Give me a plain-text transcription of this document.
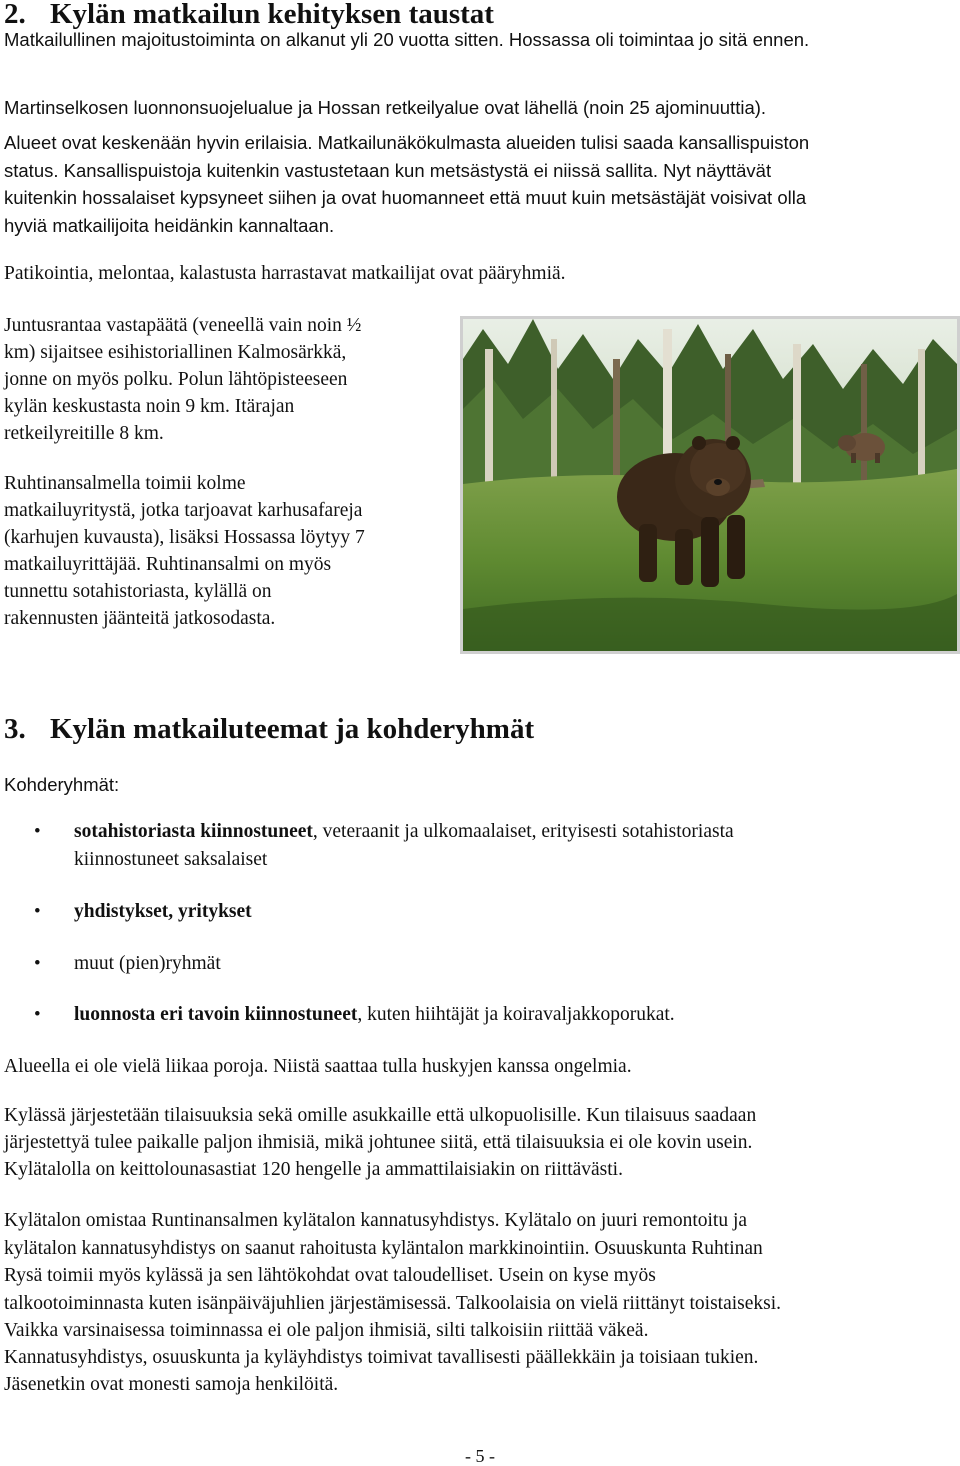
2. Kylän matkailun kehityksen taustat

Matkailullinen majoitustoiminta on alkanut yli 20 vuotta sitten. Hossassa oli toimintaa jo sitä ennen.

Martinselkosen luonnonsuojelualue ja Hossan retkeilyalue ovat lähellä (noin 25 ajominuuttia).

Alueet ovat keskenään hyvin erilaisia. Matkailunäkökulmasta alueiden tulisi saada kansallispuiston

status. Kansallispuistoja kuitenkin vastustetaan kun metsästystä ei niissä sallita. Nyt näyttävät

kuitenkin hossalaiset kypsyneet siihen ja ovat huomanneet että muut kuin metsästäjät voisivat olla

hyviä matkailijoita heidänkin kannaltaan.

Patikointia, melontaa, kalastusta harrastavat matkailijat ovat pääryhmiä.

Juntusrantaa vastapäätä (veneellä vain noin ½

km) sijaitsee esihistoriallinen Kalmosärkkä,

jonne on myös polku. Polun lähtöpisteeseen

kylän keskustasta noin 9 km. Itärajan

retkeilyreitille 8 km.

Ruhtinansalmella toimii kolme

matkailuyritystä, jotka tarjoavat karhusafareja

(karhujen kuvausta), lisäksi Hossassa löytyy 7

matkailuyrittäjää. Ruhtinansalmi on myös

tunnettu sotahistoriasta, kylällä on

rakennusten jäänteitä jatkosodasta.

3. Kylän matkailuteemat ja kohderyhmät

Kohderyhmät:

• sotahistoriasta kiinnostuneet, veteraanit ja ulkomaalaiset, erityisesti sotahistoriasta
kiinnostuneet saksalaiset
• yhdistykset, yritykset
• muut (pien)ryhmät
• luonnosta eri tavoin kiinnostuneet, kuten hiihtäjät ja koiravaljakkoporukat.

Alueella ei ole vielä liikaa poroja. Niistä saattaa tulla huskyjen kanssa ongelmia.

Kylässä järjestetään tilaisuuksia sekä omille asukkaille että ulkopuolisille. Kun tilaisuus saadaan

järjestettyä tulee paikalle paljon ihmisiä, mikä johtunee siitä, että tilaisuuksia ei ole kovin usein.

Kylätalolla on keittolounasastiat 120 hengelle ja ammattilaisiakin on riittävästi.

Kylätalon omistaa Runtinansalmen kylätalon kannatusyhdistys. Kylätalo on juuri remontoitu ja

kylätalon kannatusyhdistys on saanut rahoitusta kyläntalon markkinointiin. Osuuskunta Ruhtinan

Rysä toimii myös kylässä ja sen lähtökohdat ovat taloudelliset. Usein on kyse myös

talkootoiminnasta kuten isänpäiväjuhlien järjestämisessä. Talkoolaisia on vielä riittänyt toistaiseksi.

Vaikka varsinaisessa toiminnassa ei ole paljon ihmisiä, silti talkoisiin riittää väkeä.

Kannatusyhdistys, osuuskunta ja kyläyhdistys toimivat tavallisesti päällekkäin ja toisiaan tukien.

Jäsenetkin ovat monesti samoja henkilöitä.

- 5 -
